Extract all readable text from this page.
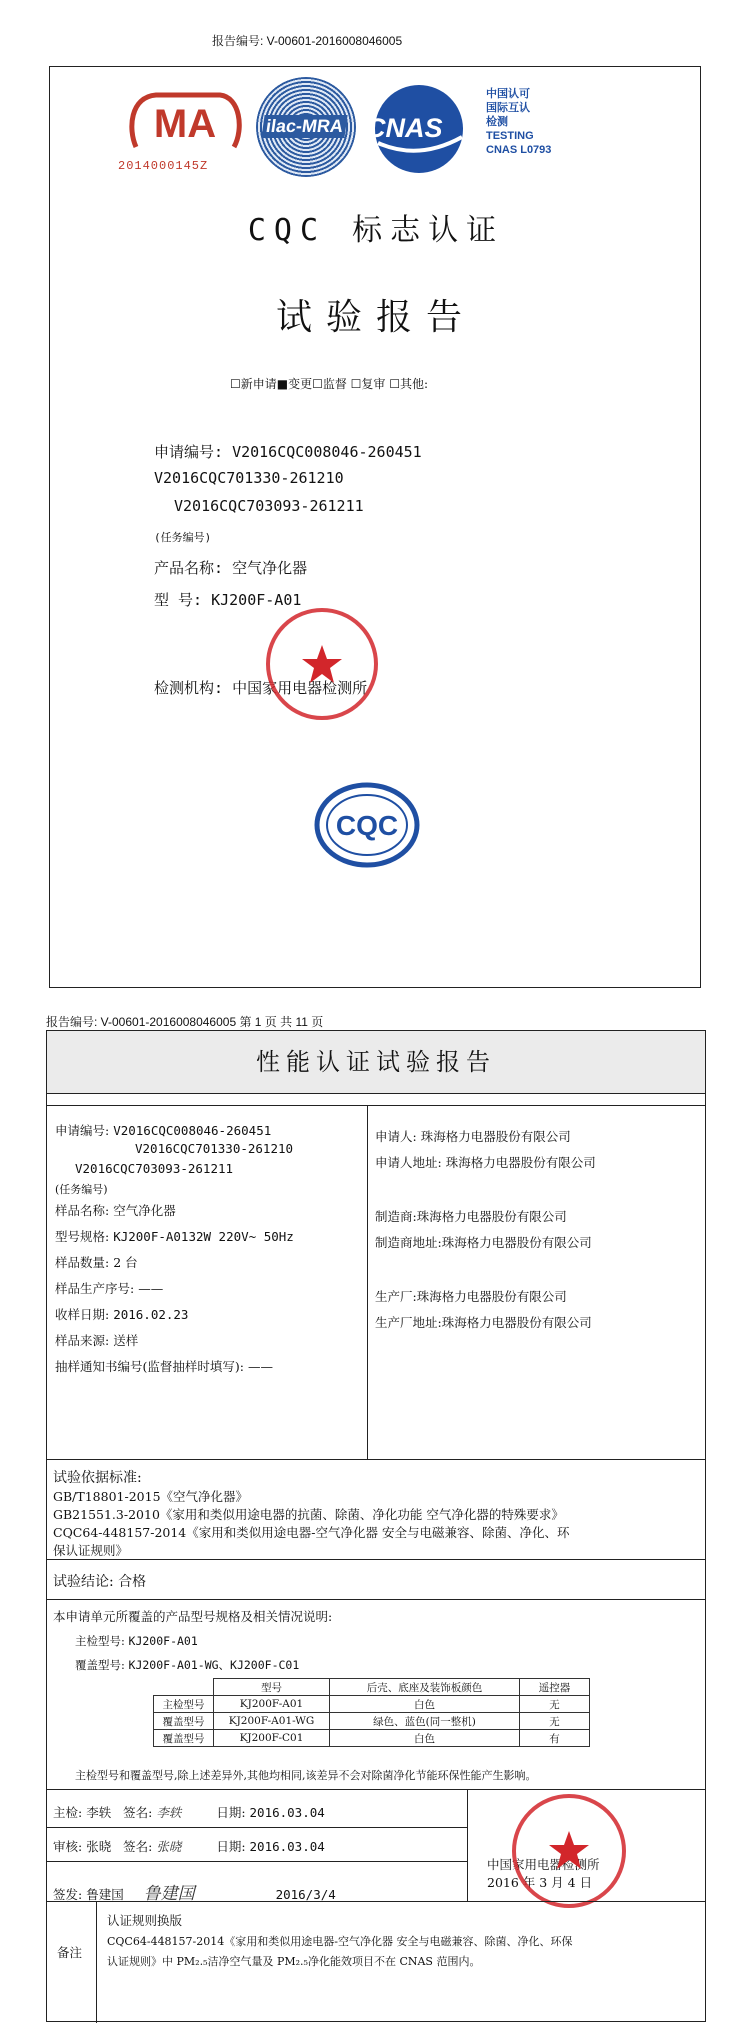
报告编号: V-00601-2016008046005
MA
2014000145Z
ilac-MRA CNAS
中国认可
国际互认
检测
TESTING
CNAS L0793
CQC 标志认证
试验报告
☐新申请■变更☐监督 ☐复审 ☐其他:
申请编号: V2016CQC008046-260451
V2016CQC701330-261210
V2016CQC703093-261211
(任务编号)
产品名称: 空气净化器
型 号: KJ200F-A01
检测机构: 中国家用电器检测所
CQC
报告编号: V-00601-2016008046005 第 1 页 共 11 页
性能认证试验报告
申请编号: V2016CQC008046-260451
V2016CQC701330-261210
V2016CQC703093-261211
(任务编号)
样品名称: 空气净化器
型号规格: KJ200F-A0132W 220V~ 50Hz
样品数量: 2 台
样品生产序号: ——
收样日期: 2016.02.23
样品来源: 送样
抽样通知书编号(监督抽样时填写): ——
申请人: 珠海格力电器股份有限公司
申请人地址: 珠海格力电器股份有限公司
制造商:珠海格力电器股份有限公司
制造商地址:珠海格力电器股份有限公司
生产厂:珠海格力电器股份有限公司
生产厂地址:珠海格力电器股份有限公司
试验依据标准:
GB/T18801-2015《空气净化器》
GB21551.3-2010《家用和类似用途电器的抗菌、除菌、净化功能 空气净化器的特殊要求》
CQC64-448157-2014《家用和类似用途电器-空气净化器 安全与电磁兼容、除菌、净化、环
保认证规则》
试验结论: 合格
本申请单元所覆盖的产品型号规格及相关情况说明:
主检型号: KJ200F-A01
覆盖型号: KJ200F-A01-WG、KJ200F-C01
	型号	后壳、底座及装饰板颜色	遥控器
主检型号	KJ200F-A01	白色	无
覆盖型号	KJ200F-A01-WG	绿色、蓝色(同一整机)	无
覆盖型号	KJ200F-C01	白色	有
主检型号和覆盖型号,除上述差异外,其他均相同,该差异不会对除菌净化节能环保性能产生影响。
主检: 李轶 签名: 李轶	日期: 2016.03.04
审核: 张晓 签名: 张晓	日期: 2016.03.04
签发: 鲁建国 鲁建国	2016/3/4
中国家用电器检测所
2016 年 3 月 4 日
备注
认证规则换版
CQC64-448157-2014《家用和类似用途电器-空气净化器 安全与电磁兼容、除菌、净化、环保
认证规则》中 PM₂.₅洁净空气量及 PM₂.₅净化能效项目不在 CNAS 范围内。
